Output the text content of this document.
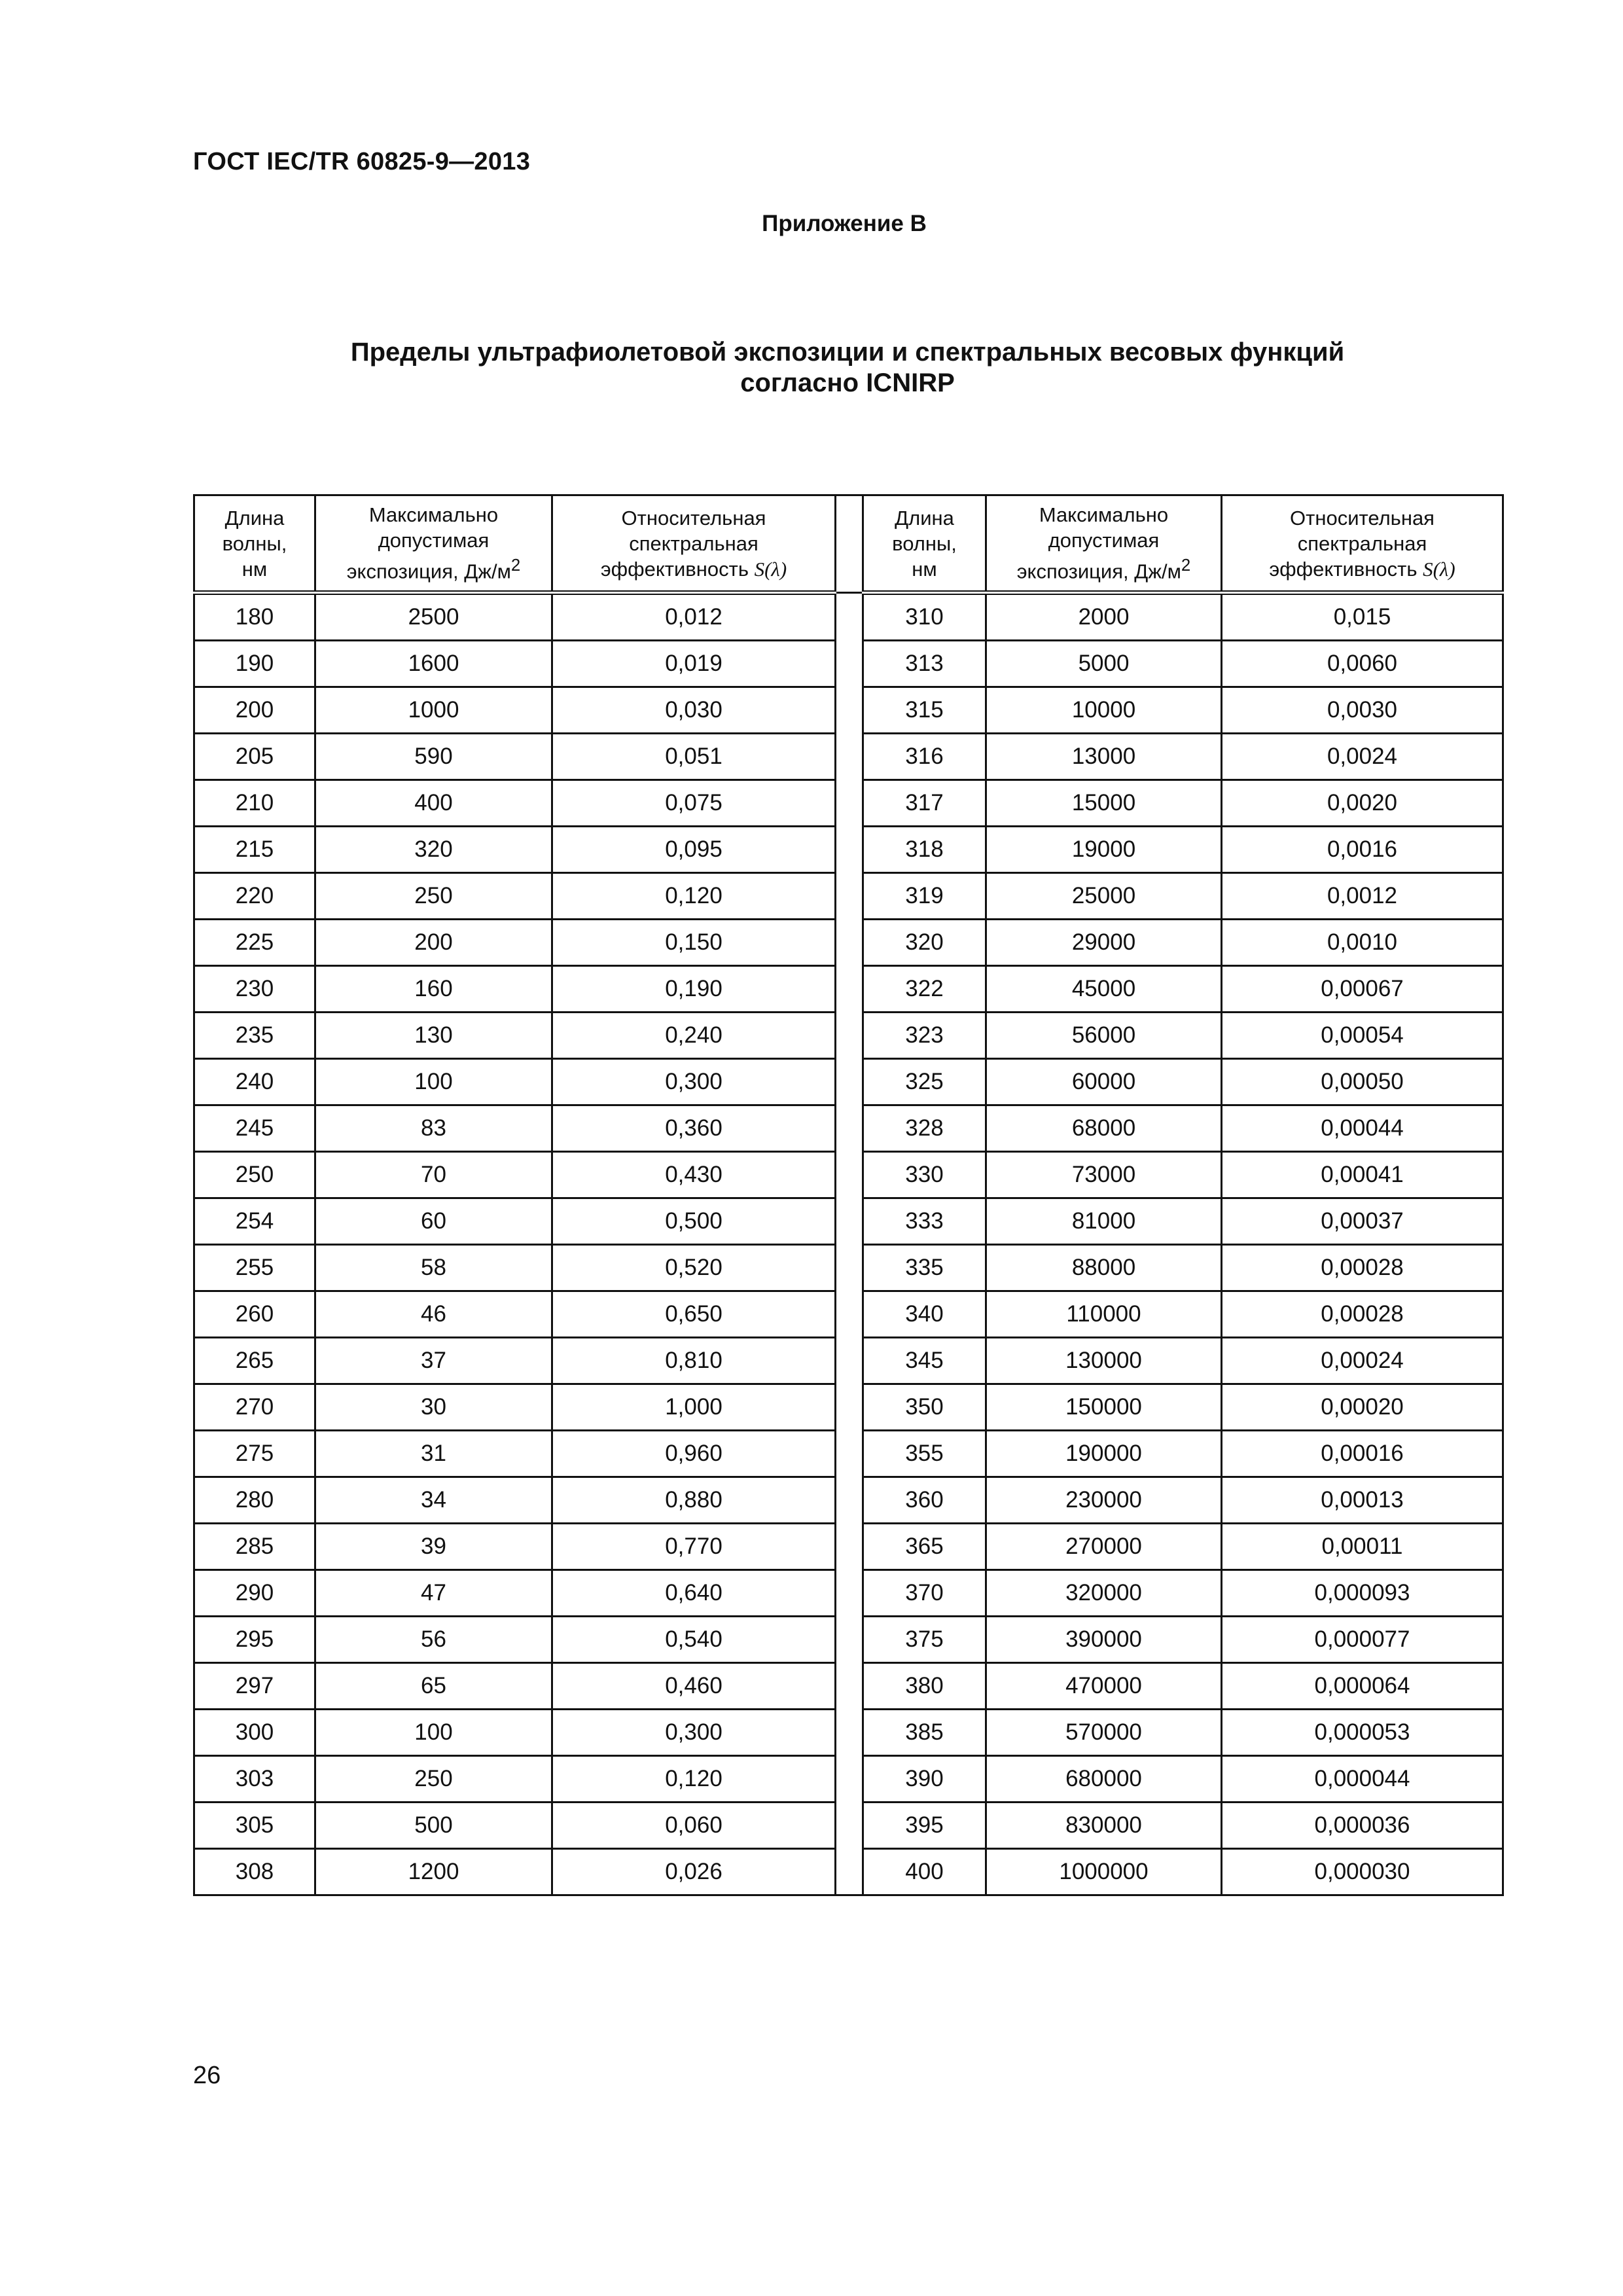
ГОСТ IEC/TR 60825-9—2013
Приложение В
Пределы ультрафиолетовой экспозиции и спектральных весовых функций
согласно ICNIRP
Длина
волны,
нм	Максимально
допустимая
экспозиция, $Дж/м^2$	Относительная
спектральная
эффективность S(λ)		Длина
волны,
нм	Максимально
допустимая
экспозиция, $Дж/м^2$	Относительная
спектральная
эффективность S(λ)

180	2500	0,012		310	2000	0,015
190	1600	0,019		313	5000	0,0060
200	1000	0,030		315	10000	0,0030
205	590	0,051		316	13000	0,0024
210	400	0,075		317	15000	0,0020
215	320	0,095		318	19000	0,0016
220	250	0,120		319	25000	0,0012
225	200	0,150		320	29000	0,0010
230	160	0,190		322	45000	0,00067
235	130	0,240		323	56000	0,00054
240	100	0,300		325	60000	0,00050
245	83	0,360		328	68000	0,00044
250	70	0,430		330	73000	0,00041
254	60	0,500		333	81000	0,00037
255	58	0,520		335	88000	0,00028
260	46	0,650		340	110000	0,00028
265	37	0,810		345	130000	0,00024
270	30	1,000		350	150000	0,00020
275	31	0,960		355	190000	0,00016
280	34	0,880		360	230000	0,00013
285	39	0,770		365	270000	0,00011
290	47	0,640		370	320000	0,000093
295	56	0,540		375	390000	0,000077
297	65	0,460		380	470000	0,000064
300	100	0,300		385	570000	0,000053
303	250	0,120		390	680000	0,000044
305	500	0,060		395	830000	0,000036
308	1200	0,026		400	1000000	0,000030
26
